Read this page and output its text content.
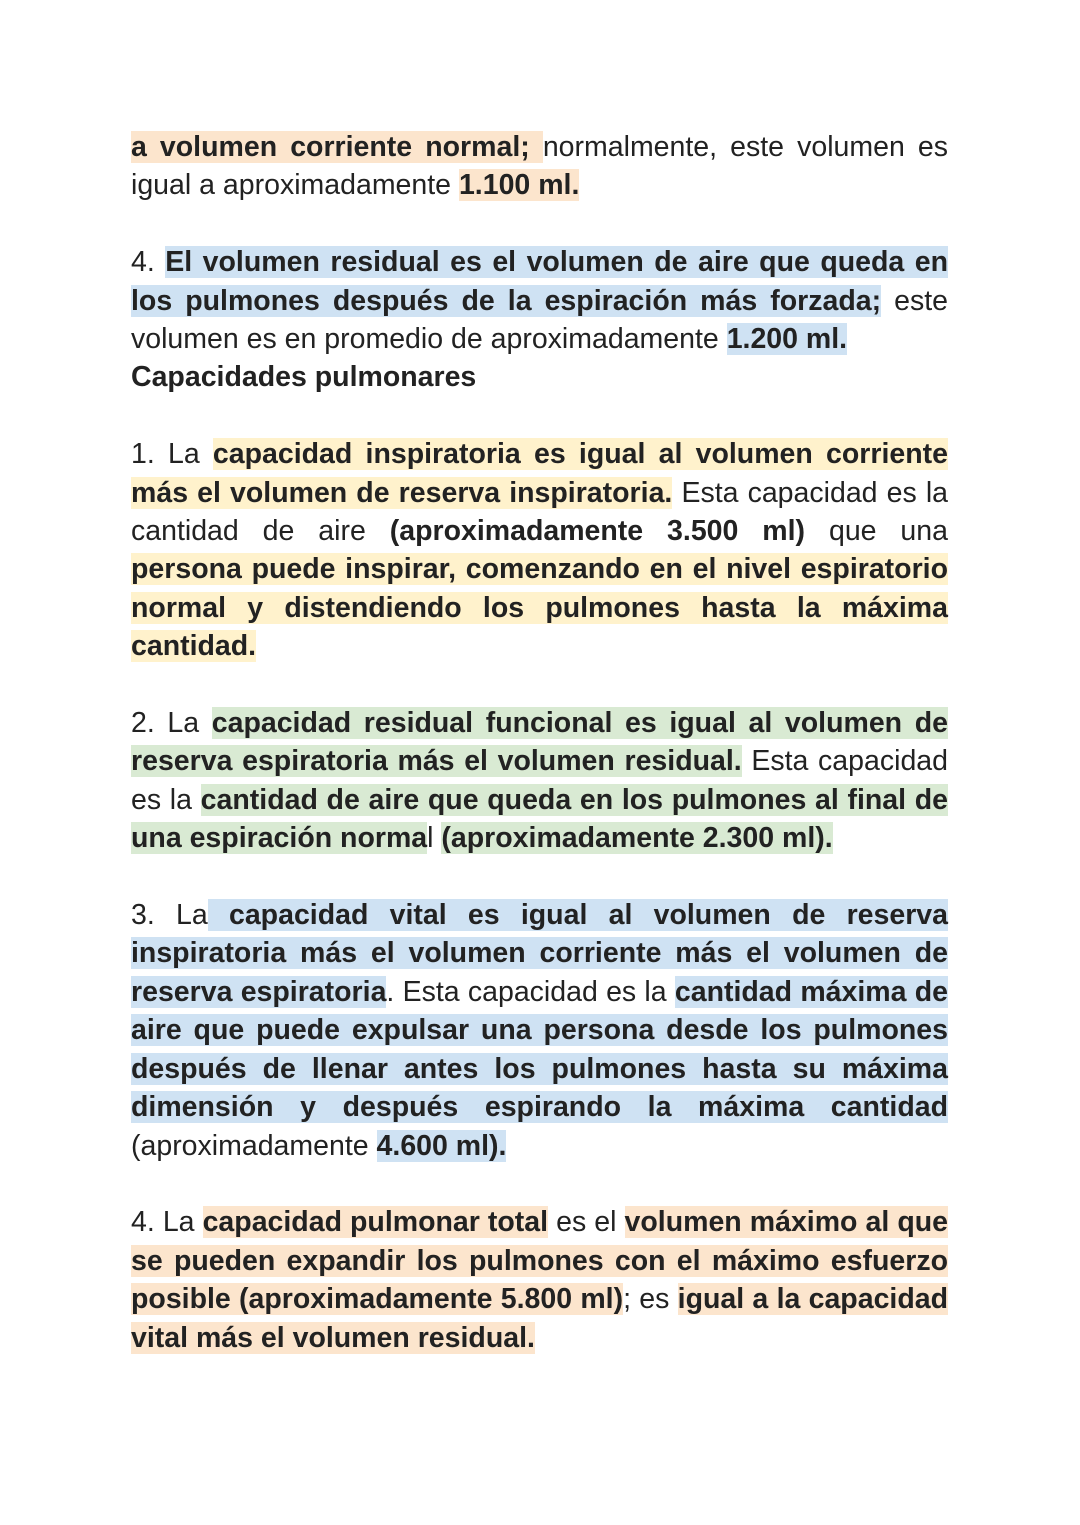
a volumen corriente normal; normalmente, este volumen es igual a aproximadamente 1.100 ml.

4. El volumen residual es el volumen de aire que queda en los pulmones después de la espiración más forzada; este volumen es en promedio de aproximadamente 1.200 ml.

Capacidades pulmonares

1. La capacidad inspiratoria es igual al volumen corriente más el volumen de reserva inspiratoria. Esta capacidad es la cantidad de aire (aproximadamente 3.500 ml) que una persona puede inspirar, comenzando en el nivel espiratorio normal y distendiendo los pulmones hasta la máxima cantidad.

2. La capacidad residual funcional es igual al volumen de reserva espiratoria más el volumen residual. Esta capacidad es la cantidad de aire que queda en los pulmones al final de una espiración normal (aproximadamente 2.300 ml).

3. La capacidad vital es igual al volumen de reserva inspiratoria más el volumen corriente más el volumen de reserva espiratoria. Esta capacidad es la cantidad máxima de aire que puede expulsar una persona desde los pulmones después de llenar antes los pulmones hasta su máxima dimensión y después espirando la máxima cantidad (aproximadamente 4.600 ml).

4. La capacidad pulmonar total es el volumen máximo al que se pueden expandir los pulmones con el máximo esfuerzo posible (aproximadamente 5.800 ml); es igual a la capacidad vital más el volumen residual.
